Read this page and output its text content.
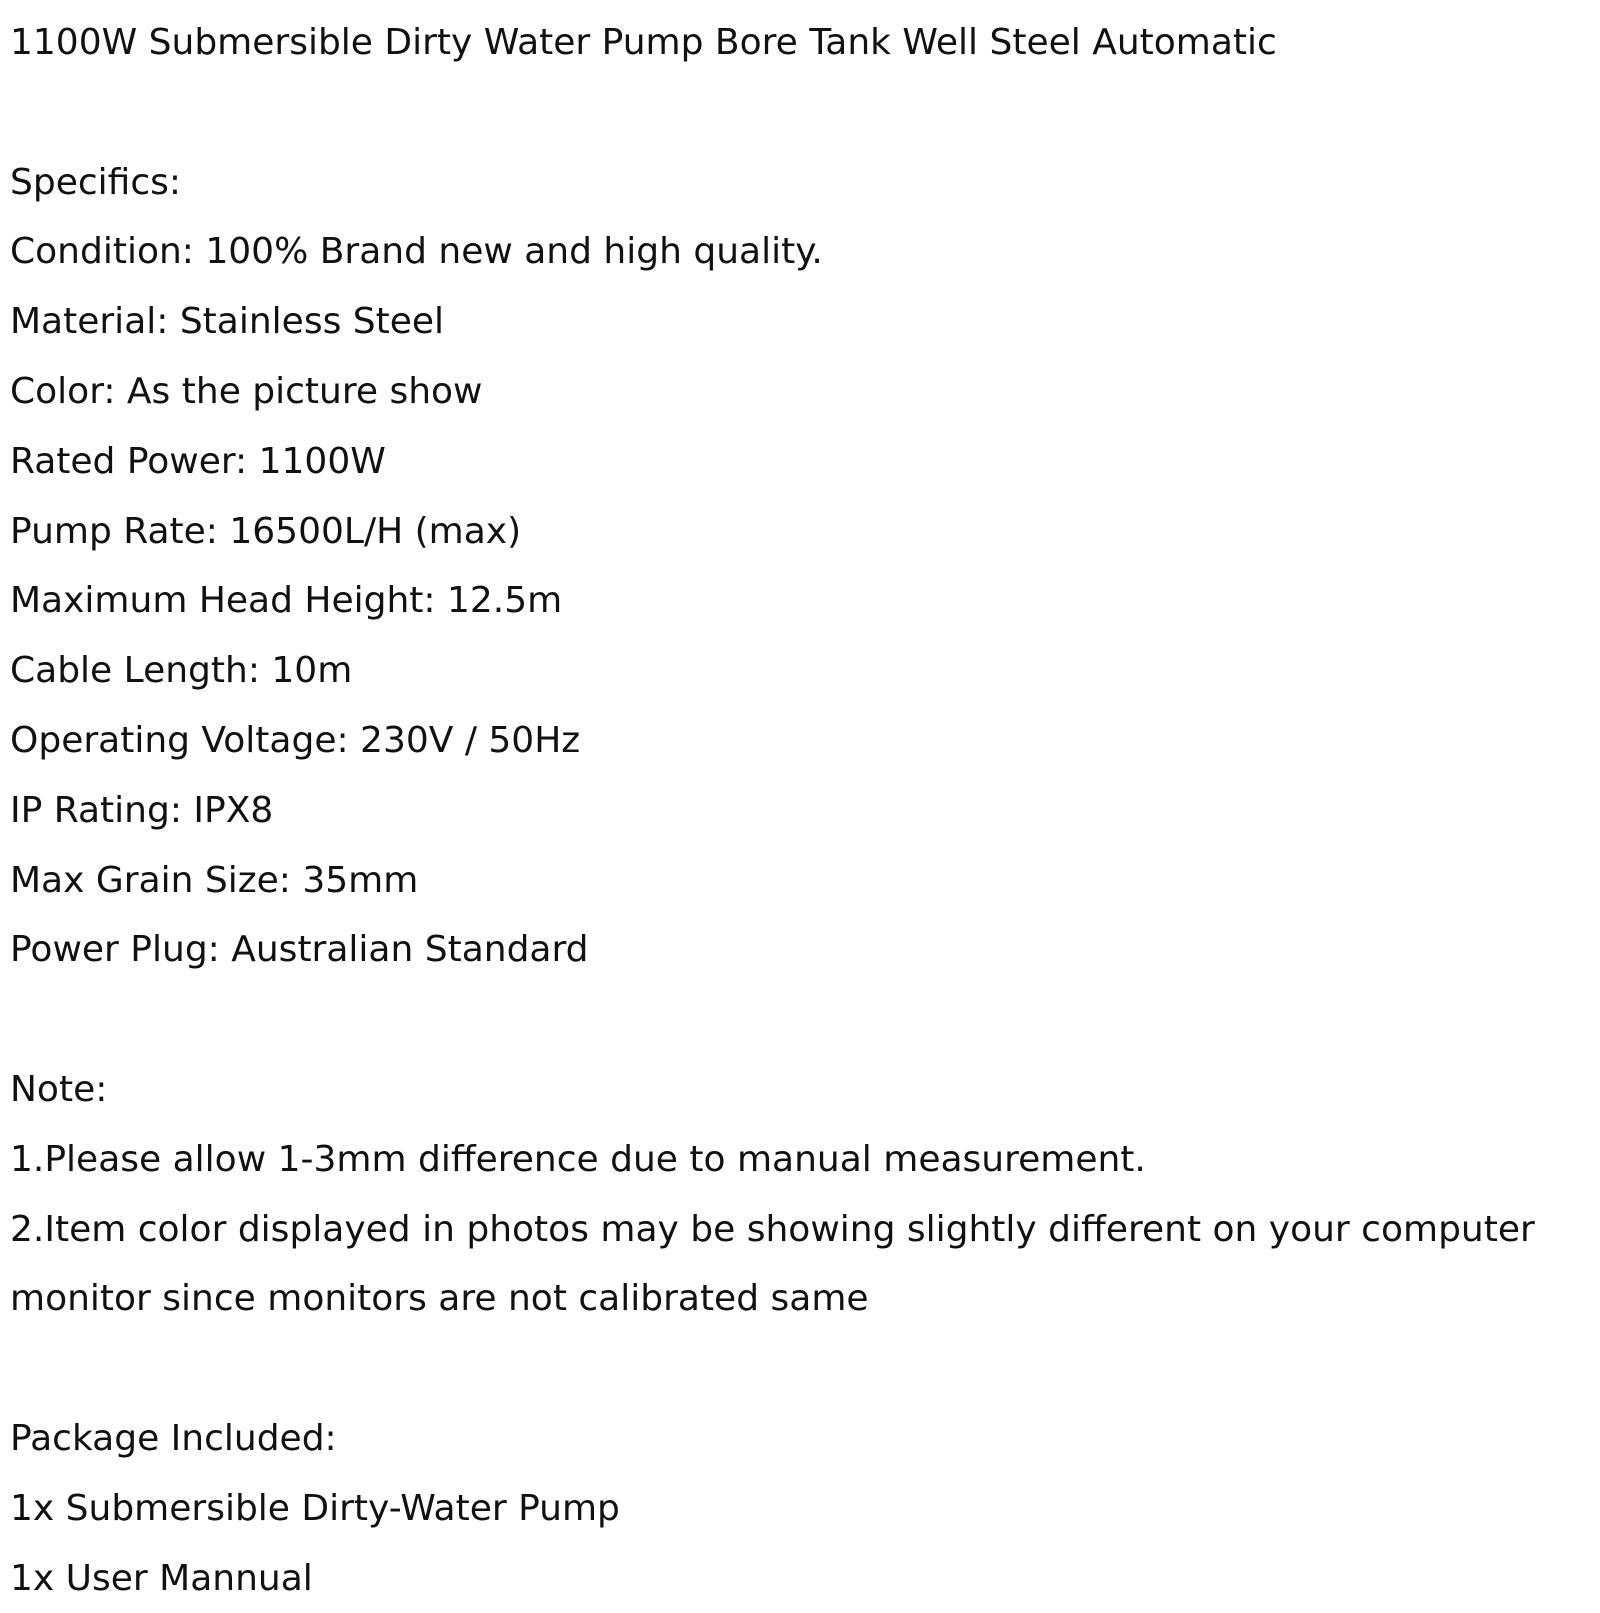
1100W Submersible Dirty Water Pump Bore Tank Well Steel Automatic
Specifics:
Condition: 100% Brand new and high quality.
Material: Stainless Steel
Color: As the picture show
Rated Power: 1100W
Pump Rate: 16500L/H (max)
Maximum Head Height: 12.5m
Cable Length: 10m
Operating Voltage: 230V / 50Hz
IP Rating: IPX8
Max Grain Size: 35mm
Power Plug: Australian Standard
Note:
1.Please allow 1-3mm difference due to manual measurement.
2.Item color displayed in photos may be showing slightly different on your computer monitor since monitors are not calibrated same
Package Included:
1x Submersible Dirty-Water Pump
1x User Mannual
